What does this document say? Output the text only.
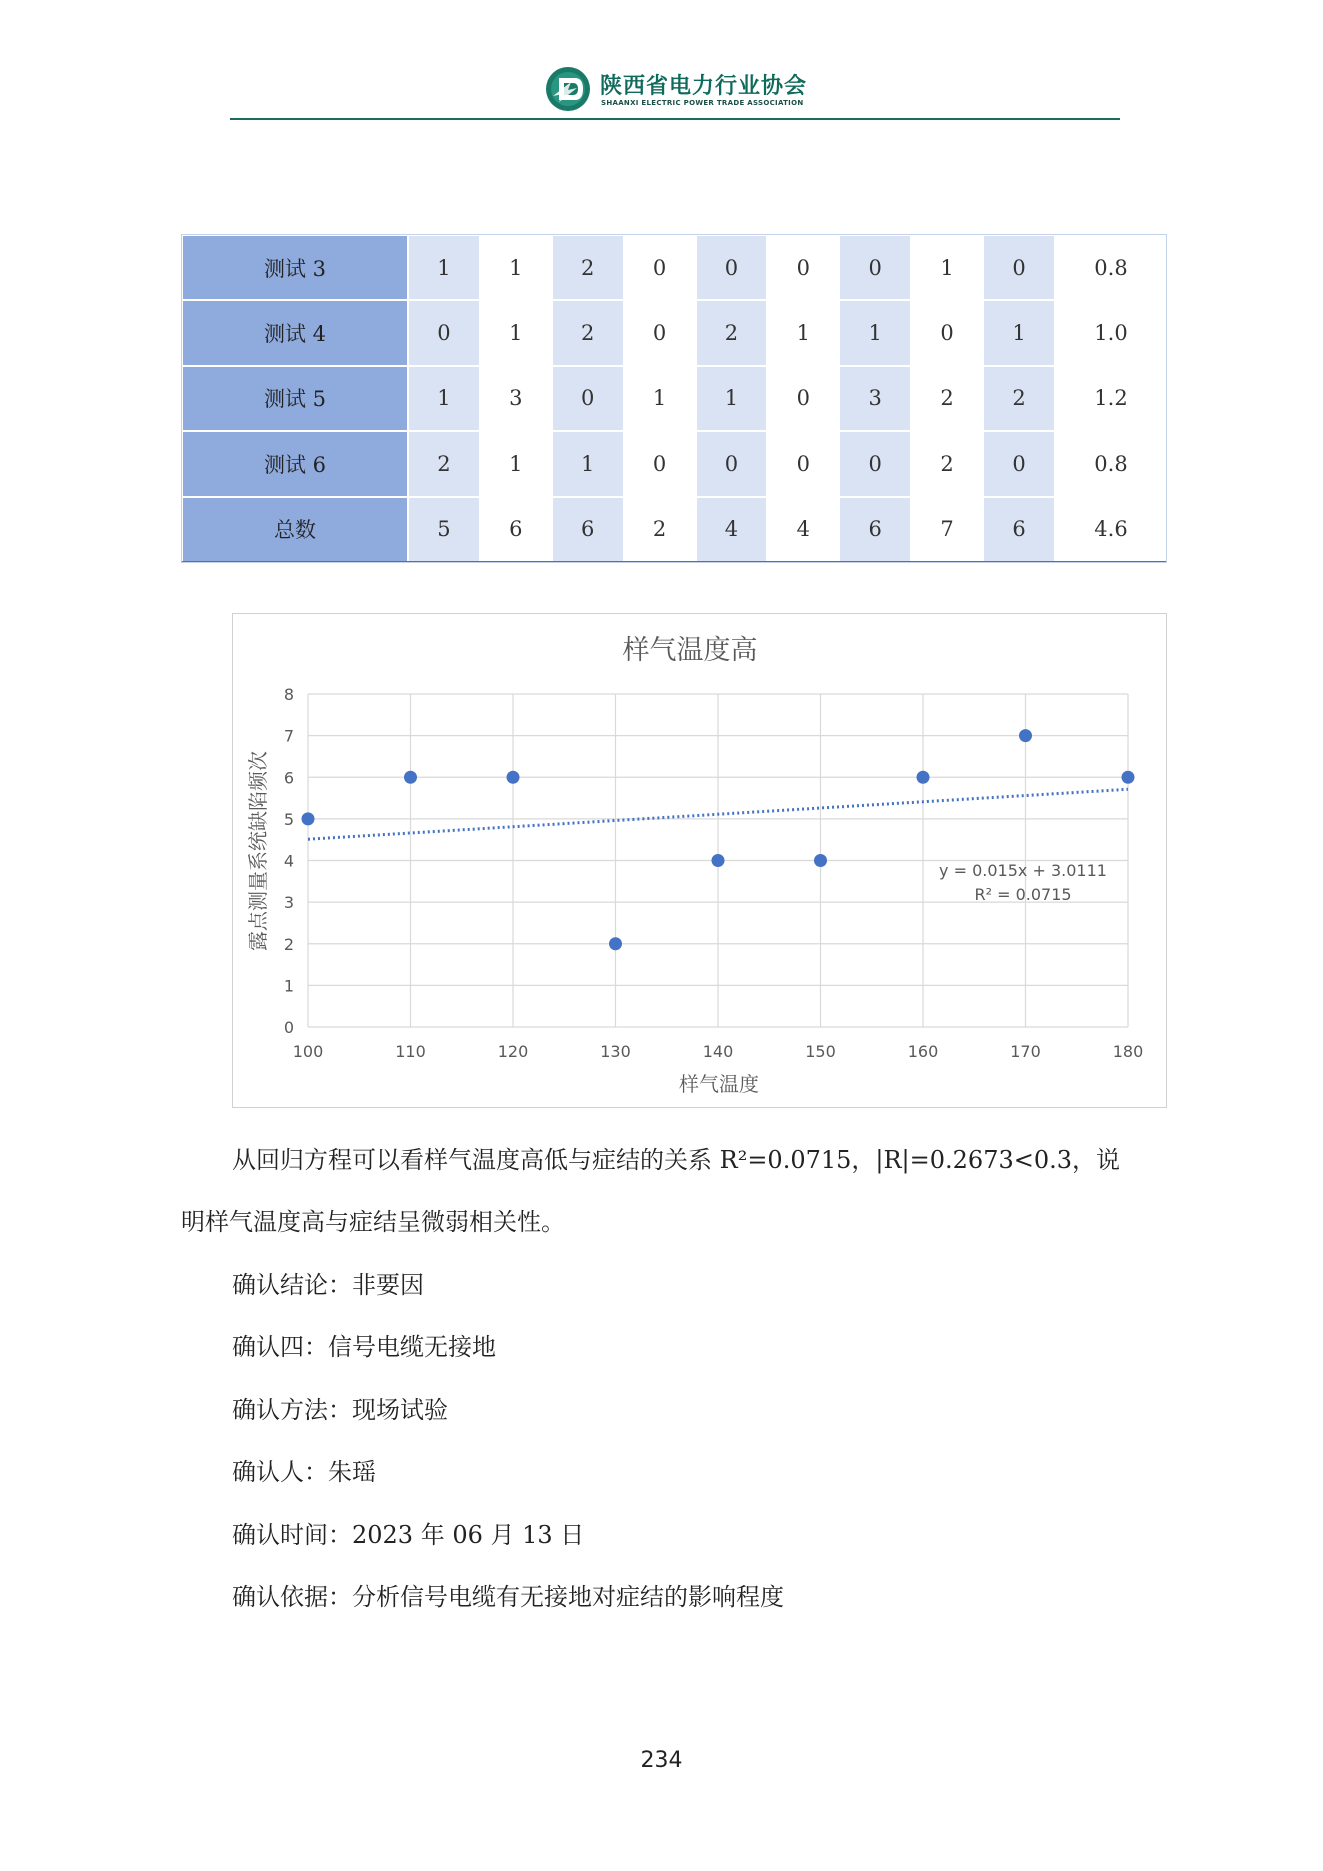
陕西省电力行业协会
SHAANXI ELECTRIC POWER TRADE ASSOCIATION
测试 3	1	1	2	0	0	0	0	1	0	0.8
测试 4	0	1	2	0	2	1	1	0	1	1.0
测试 5	1	3	0	1	1	0	3	2	2	1.2
测试 6	2	1	1	0	0	0	0	2	0	0.8
总数	5	6	6	2	4	4	6	7	6	4.6
0
1
2
3
4
5
6
7
8
100	110	120	130	140	150	160	170	180
样气温度高
样气温度
露点测量系统缺陷频次	y = 0.015x + 3.0111
R² = 0.0715
从回归方程可以看样气温度高低与症结的关系 R²=0.0715，|R|=0.2673<0.3，说
明样气温度高与症结呈微弱相关性。
确认结论：非要因
确认四：信号电缆无接地
确认方法：现场试验
确认人：朱瑶
确认时间：2023 年 06 月 13 日
确认依据：分析信号电缆有无接地对症结的影响程度
234
